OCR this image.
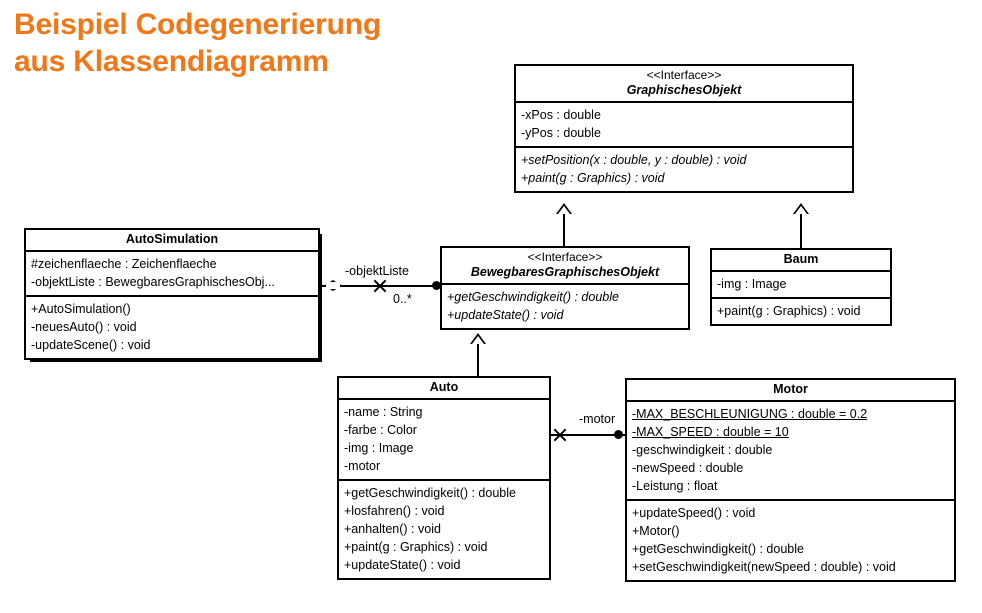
Beispiel Codegenerierung
aus Klassendiagramm	<<Interface>>
GraphischesObjekt
-xPos : double
-yPos : double
+setPosition(x : double, y : double) : void
+paint(g : Graphics) : void
AutoSimulation
#zeichenflaeche : Zeichenflaeche
-objektListe : BewegbaresGraphischesObj...
+AutoSimulation()
-neuesAuto() : void
-updateScene() : void
<<Interface>>
BewegbaresGraphischesObjekt
+getGeschwindigkeit() : double
+updateState() : void
Baum
-img : Image
+paint(g : Graphics) : void
Auto
-name : String
-farbe : Color
-img : Image
-motor
+getGeschwindigkeit() : double
+losfahren() : void
+anhalten() : void
+paint(g : Graphics) : void
+updateState() : void
Motor
-MAX_BESCHLEUNIGUNG : double = 0.2
-MAX_SPEED : double = 10
-geschwindigkeit : double
-newSpeed : double
-Leistung : float
+updateSpeed() : void
+Motor()
+getGeschwindigkeit() : double
+setGeschwindigkeit(newSpeed : double) : void
-objektListe
0..*
-motor
